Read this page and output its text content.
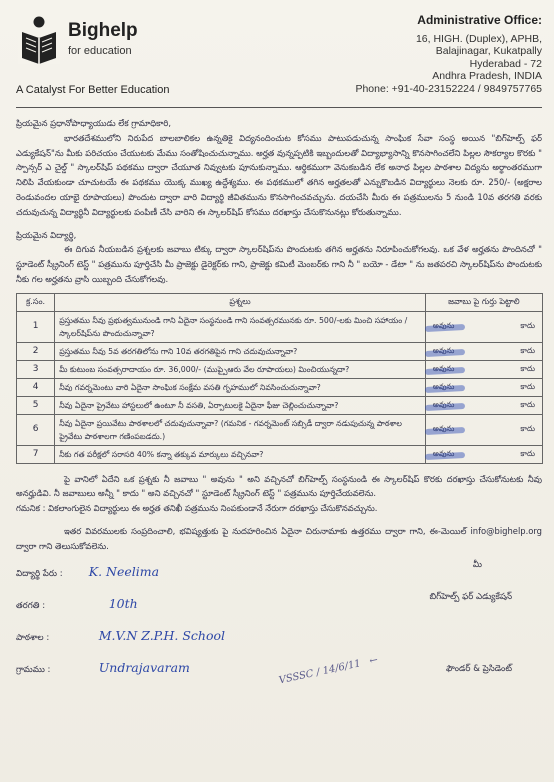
Bighelp
for education
A Catalyst For Better Education
Administrative Office:
16, HIGH. (Duplex), APHB,
Balajinagar, Kukatpally
Hyderabad - 72
Andhra Pradesh, INDIA
Phone: +91-40-23152224 / 9849757765
ప్రియమైన ప్రధానోపాధ్యాయుడు లేక గ్రామాధికారి,
భారతదేశములోని నిరుపేద బాలబాలికల ఉన్నతికై విద్యనందించుట కోసము పాటుపడుచున్న సాంఘిక సేవా సంస్థ అయిన "బిగ్‌హెల్ప్ ఫర్ ఎడ్యుకేషన్"ను మీకు పరిచయం చేయుటకు మేము సంతోషించుచున్నాము. అర్హత వున్నప్పటికి ఇబ్బందులతో విద్యాభ్యాసాన్ని కొనసాగించలేని పిల్లల సౌకర్యాల కొరకు " స్పాన్సర్ ఎ చైల్డ్ " స్కాలర్‌షిప్ పథకము ద్వారా చేయూత నివ్వుటకు పూనుకున్నాము. ఆర్థికముగా వెనుకబడిన లేక అనాధ పిల్లల పాఠశాల విద్యను అర్థాంతరముగా నిలిపి వేయకుండా చూచుటయే ఈ పథకము యొక్క ముఖ్య ఉద్దేశ్యము. ఈ పథకములో తగిన అర్హతలతో ఎన్నుకొబడిన విద్యార్థులు నెలకు రూ. 250/- (అక్షరాల రెండువందల యాభై రూపాయలు) పొందుట ద్వారా వారి విద్యార్థి జీవితమును కొనసాగించవచ్చును. దయచేసి మీరు ఈ పత్రములను 5 నుండి 10వ తరగతి వరకు చదువుచున్న విద్యార్థినీ విద్యార్థులకు పంపిణీ చేసి వారిని ఈ స్కాలర్‌షిప్ కోసము దరఖాస్తు చేసుకొనునట్లు కోరుతున్నాము.
ప్రియమైన విద్యార్థి,
ఈ దిగువ నీయబడిన ప్రశ్నలకు జవాబు టిక్కు ద్వారా స్కాలర్‌షిప్‌ను పొందుటకు తగిన అర్హతను నిరూపించుకోగలవు. ఒక వేళ అర్హతను పొందినచో " స్టూడెంట్ స్క్రీనింగ్ టెస్ట్ " పత్రమును పూర్తిచేసి మీ ప్రాజెక్టు డైరెక్టర్‌కు గాని, ప్రాజెక్టు కమిటీ మెంబర్‌కు గాని నీ " బయో - డేటా " ను జతపరచి స్కాలర్‌షిప్‌ను పొందుటకు నీకు గల అర్హతను వ్రాసి యిబ్బంది చేసుకోగలవు.
క్ర.సం.	ప్రశ్నలు	జవాబు పై గుర్తు పెట్టాలి
1	ప్రస్తుతము నీవు ప్రభుత్వమునుండి గాని ఏదైనా సంస్థనుండి గాని సంవత్సరమునకు రూ. 500/-లకు మించి సహాయం / స్కాలర్‌షిప్‌ను పొందుచున్నావా?	అవును కాదు

2	ప్రస్తుతము నీవు 5వ తరగతిలోను గాని 10వ తరగతిపైన గాని చదువుచున్నావా?	అవును కాదు

3	మీ కుటుంబ సంవత్సరాదాయం రూ. 36,000/- (ముప్పైఆరు వేల రూపాయలు) మించియున్నదా?	అవును కాదు

4	నీవు గవర్నమెంటు వారి ఏదైనా సాంఘిక సంక్షేమ వసతి గృహములో నివసించుచున్నావా?	అవును కాదు

5	నీవు ఏదైనా ప్రైవేటు హాస్టలులో ఉంటూ నీ వసతి, ఏర్పాటులకై ఏదైనా ఫీజు చెల్లించుచున్నావా?	అవును కాదు

6	నీవు ఏదైనా ప్రయివేటు పాఠశాలలో చదువుచున్నావా? (గమనిక - గవర్నమెంట్ సబ్సిడీ ద్వారా నడుపుచున్న పాఠశాల ప్రైవేటు పాఠశాలగా గణింపబడదు.)	అవును కాదు

7	నీకు గత పరీక్షలో సరాసరి 40% కన్నా తక్కువ మార్కులు వచ్చినవా?	అవును కాదు
పై వానిలో ఏదేని ఒక ప్రశ్నకు నీ జవాబు " అవును " అని వచ్చినచో బిగ్‌హెల్ప్ సంస్థనుండి ఈ స్కాలర్‌షిప్ కొరకు దరఖాస్తు చేసుకోనుటకు నీవు అనర్హుడివి. నీ జవాబులు అన్నీ " కాదు " అని వచ్చినచో " స్టూడెంట్ స్క్రీనింగ్ టెస్ట్ " పత్రమును పూర్తిచేయవలెను.
గమనిక : వికలాంగులైన విద్యార్థులు ఈ అర్హత తనిఖీ పత్రమును నింపకుండానే నేరుగా దరఖాస్తు చేసుకొనవచ్చును.
ఇతర వివరములకు సంప్రదించాలి, భవిష్యత్తుకు పై నుదహరించిన ఏదైనా చిరునామాకు ఉత్తరము ద్వారా గాని, ఈ-మెయిల్ info@bighelp.org ద్వారా గాని తెలుసుకోవలెను.
విద్యార్థి పేరు : K. Neelima
తరగతి :	10th
పాఠశాల :	M.V.N Z.P.H. School
గ్రామము :	Undrajavaram
మీ
బిగ్‌హెల్ప్ ఫర్ ఎడ్యుకేషన్
ఫౌండర్ & ప్రెసిడెంట్
VSSSC / 14/6/11 ←
